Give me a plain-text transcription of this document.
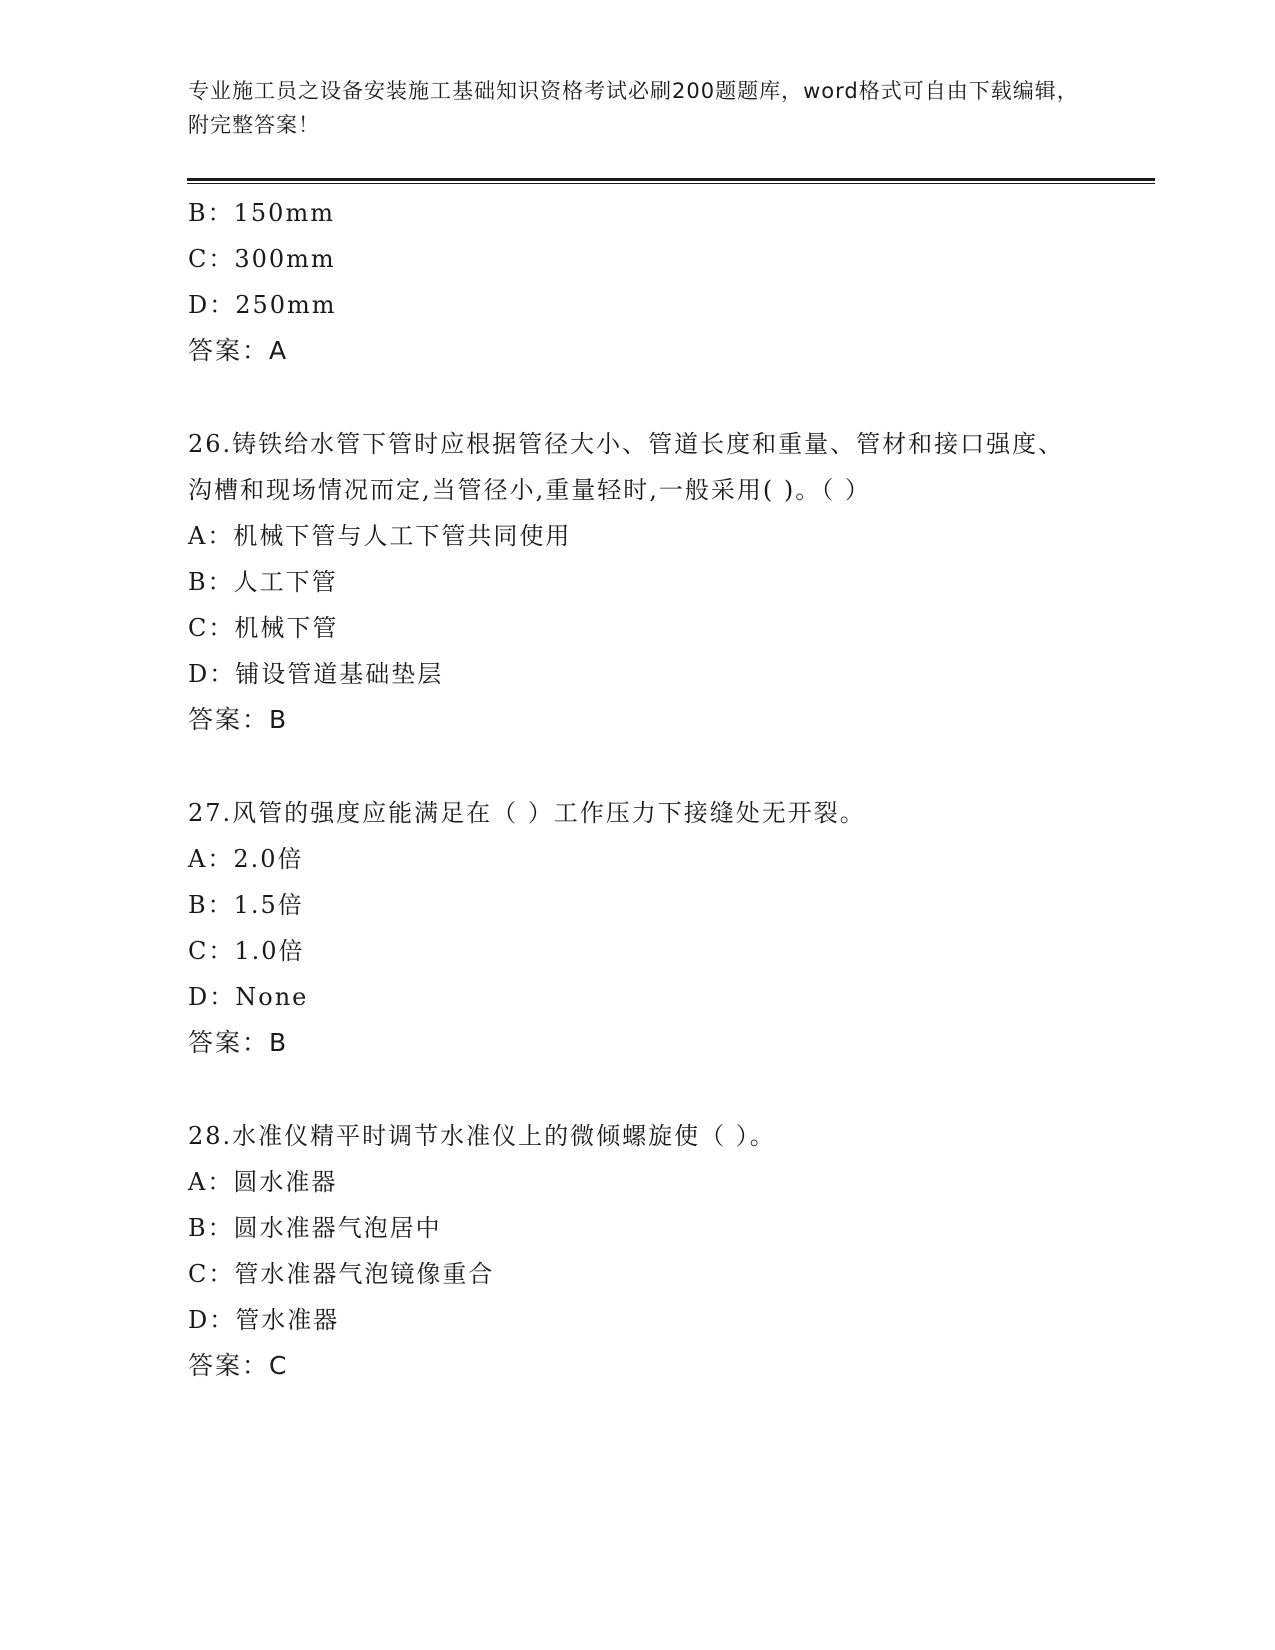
专业施工员之设备安装施工基础知识资格考试必刷200题题库，word格式可自由下载编辑，附完整答案！
B：150mm
C：300mm
D：250mm
答案：A
26.铸铁给水管下管时应根据管径大小、管道长度和重量、管材和接口强度、沟槽和现场情况而定,当管径小,重量轻时,一般采用( )。（ ）
A：机械下管与人工下管共同使用
B：人工下管
C：机械下管
D：铺设管道基础垫层
答案：B
27.风管的强度应能满足在（ ）工作压力下接缝处无开裂。
A：2.0倍
B：1.5倍
C：1.0倍
D：None
答案：B
28.水准仪精平时调节水准仪上的微倾螺旋使（ ）。
A：圆水准器
B：圆水准器气泡居中
C：管水准器气泡镜像重合
D：管水准器
答案：C
